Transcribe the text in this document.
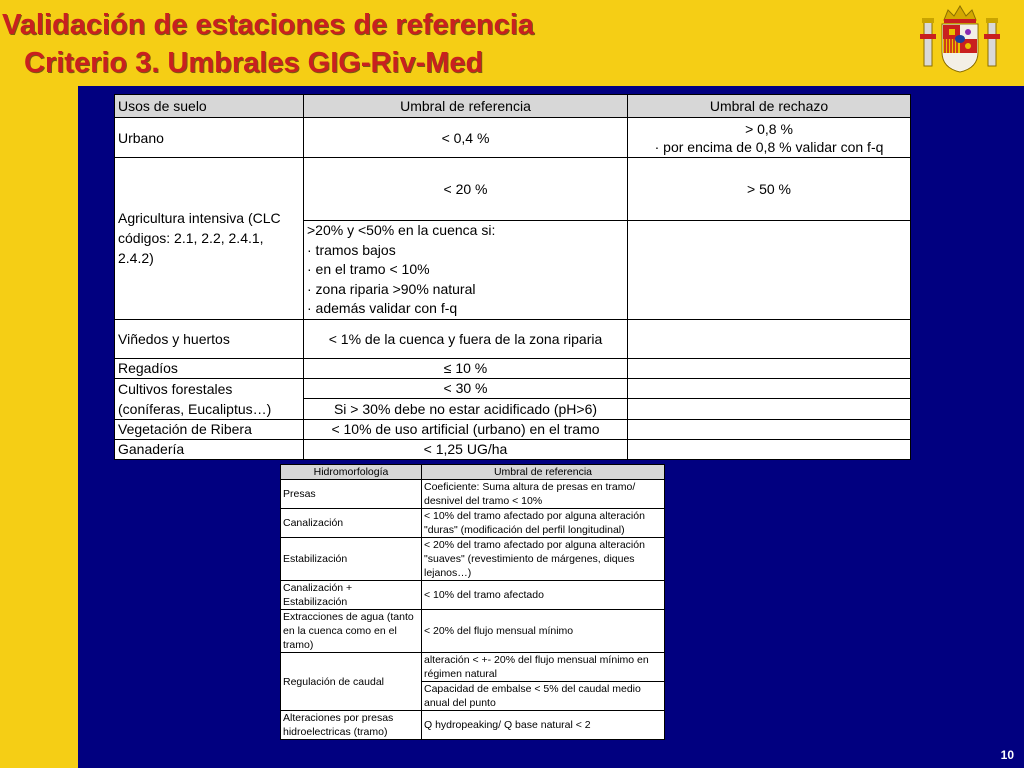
Validación de estaciones de referencia
Criterio 3. Umbrales GIG-Riv-Med
10
Usos de suelo	Umbral de referencia	Umbral de rechazo
Urbano	< 0,4 %	> 0,8 %
· por encima de 0,8 % validar con f-q

Agricultura intensiva (CLC códigos: 2.1, 2.2, 2.4.1, 2.4.2)	< 20 %	> 50 %

	>20% y <50% en la cuenca si:
· tramos bajos
· en el tramo < 10%
· zona riparia >90% natural
· además validar con f-q	

Viñedos y huertos	< 1% de la cuenca y fuera de la zona riparia	
Regadíos	≤ 10 %	
Cultivos forestales (coníferas, Eucaliptus…)	< 30 %	
	Si > 30% debe no estar acidificado (pH>6)	
Vegetación de Ribera	< 10% de uso artificial (urbano) en el tramo	
Ganadería	< 1,25 UG/ha	
Hidromorfología	Umbral de referencia
Presas	Coeficiente: Suma altura de presas en tramo/ desnivel del tramo < 10%
Canalización	< 10% del tramo afectado por alguna alteración "duras" (modificación del perfil longitudinal)
Estabilización	< 20% del tramo afectado por alguna alteración "suaves" (revestimiento de márgenes, diques lejanos…)
Canalización + Estabilización	< 10% del tramo afectado
Extracciones de agua (tanto en la cuenca como en el tramo)	< 20% del flujo mensual mínimo
Regulación de caudal	alteración < +- 20% del flujo mensual mínimo en régimen natural
	Capacidad de embalse < 5% del caudal medio anual del punto
Alteraciones por presas hidroelectricas (tramo)	Q hydropeaking/ Q base natural < 2
